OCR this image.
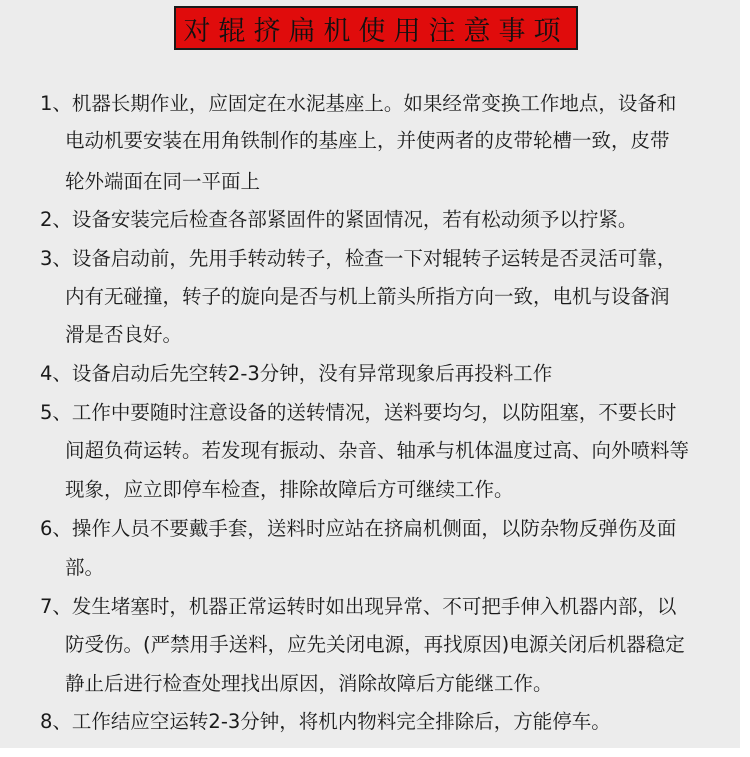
对辊挤扁机使用注意事项
1、机器长期作业，应固定在水泥基座上。如果经常变换工作地点，设备和
电动机要安装在用角铁制作的基座上，并使两者的皮带轮槽一致，皮带
轮外端面在同一平面上
2、设备安装完后检查各部紧固件的紧固情况，若有松动须予以拧紧。
3、设备启动前，先用手转动转子，检查一下对辊转子运转是否灵活可靠，
内有无碰撞，转子的旋向是否与机上箭头所指方向一致，电机与设备润
滑是否良好。
4、设备启动后先空转2-3分钟，没有异常现象后再投料工作
5、工作中要随时注意设备的送转情况，送料要均匀，以防阻塞，不要长时
间超负荷运转。若发现有振动、杂音、轴承与机体温度过高、向外喷料等
现象，应立即停车检查，排除故障后方可继续工作。
6、操作人员不要戴手套，送料时应站在挤扁机侧面，以防杂物反弹伤及面
部。
7、发生堵塞时，机器正常运转时如出现异常、不可把手伸入机器内部，以
防受伤。(严禁用手送料，应先关闭电源，再找原因)电源关闭后机器稳定
静止后进行检查处理找出原因，消除故障后方能继工作。
8、工作结应空运转2-3分钟，将机内物料完全排除后，方能停车。
